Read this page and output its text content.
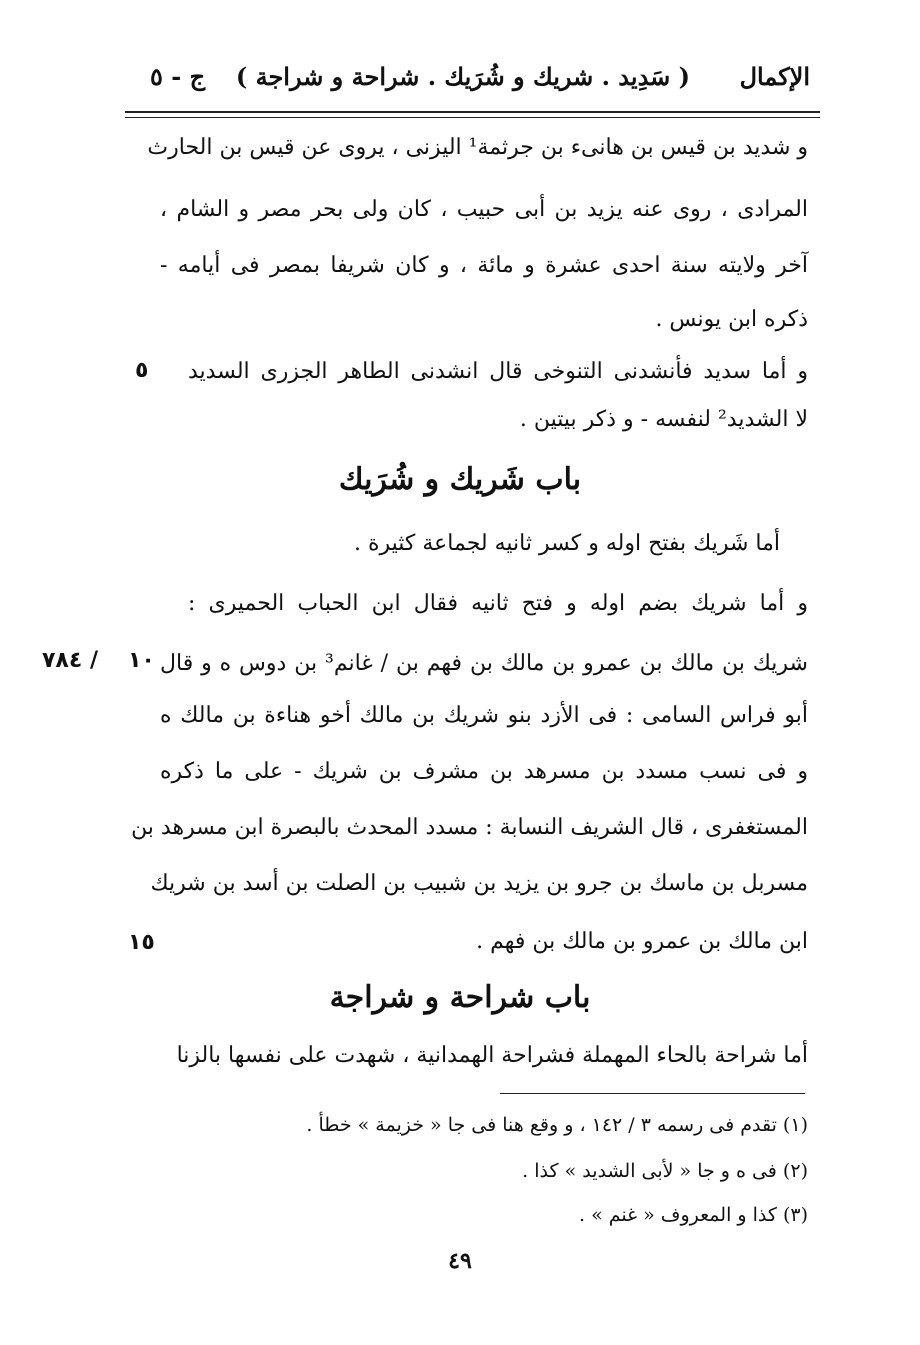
الإكمال
( سَدِيد . شريك و شُرَيك . شراحة و شراجة )
ج - ٥
و شديد بن قيس بن هانىء بن جرثمة¹ اليزنى ، يروى عن قيس بن الحارث
المرادى ، روى عنه يزيد بن أبى حبيب ، كان ولى بحر مصر و الشام ،
آخر ولايته سنة احدى عشرة و مائة ، و كان شريفا بمصر فى أيامه -
ذكره ابن يونس .
و أما سديد فأنشدنى التنوخى قال انشدنى الطاهر الجزرى السديد
لا الشديد² لنفسه - و ذكر بيتين .
باب شَريك و شُرَيك
أما شَريك بفتح اوله و كسر ثانيه لجماعة كثيرة .
و أما شريك بضم اوله و فتح ثانيه فقال ابن الحباب الحميرى :
شريك بن مالك بن عمرو بن مالك بن فهم بن / غانم³ بن دوس ه و قال
أبو فراس السامى : فى الأزد بنو شريك بن مالك أخو هناءة بن مالك ه
و فى نسب مسدد بن مسرهد بن مشرف بن شريك - على ما ذكره
المستغفرى ، قال الشريف النسابة : مسدد المحدث بالبصرة ابن مسرهد بن
مسربل بن ماسك بن جرو بن يزيد بن شبيب بن الصلت بن أسد بن شريك
ابن مالك بن عمرو بن مالك بن فهم .
باب شراحة و شراجة
أما شراحة بالحاء المهملة فشراحة الهمدانية ، شهدت على نفسها بالزنا
٥
١٠
٧٨٤ /
١٥
(١) تقدم فى رسمه ٣ / ١٤٢ ، و وقع هنا فى جا « خزيمة » خطأ .
(٢) فى ه و جا « لأبى الشديد » كذا .
(٣) كذا و المعروف « غنم » .
٤٩
